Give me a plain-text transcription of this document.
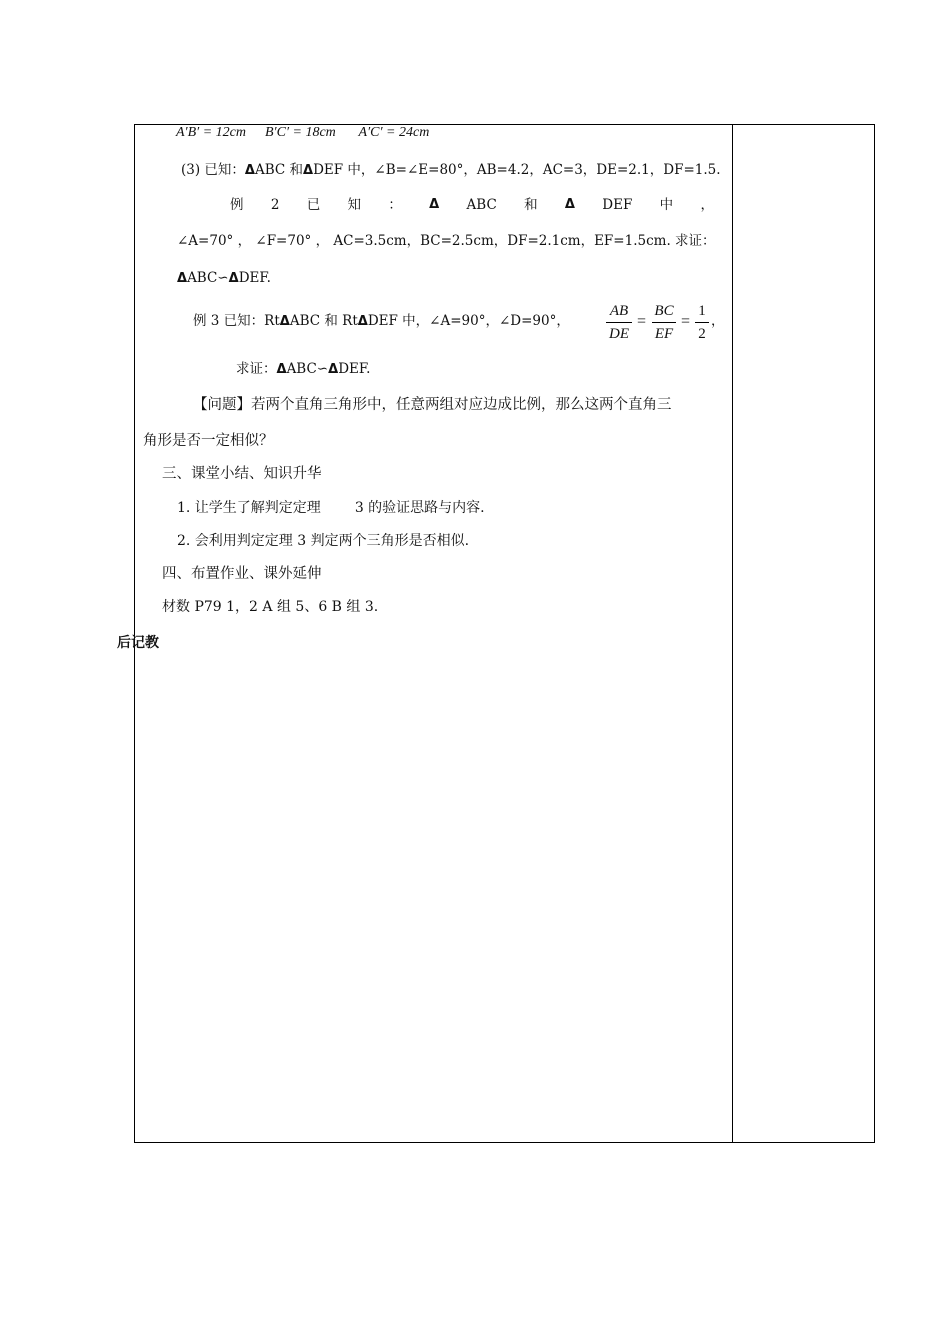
A′B′ = 12cm B′C′ = 18cm A′C′ = 24cm
(3) 已知：ΔABC 和ΔDEF 中，∠B=∠E=80°，AB=4.2，AC=3，DE=2.1，DF=1.5.
例 2 已 知 ： Δ ABC 和 Δ DEF 中 ，
∠A=70° ， ∠F=70° ， AC=3.5cm，BC=2.5cm，DF=2.1cm，EF=1.5cm. 求证：
ΔABC∽ΔDEF.
例 3 已知：RtΔABC 和 RtΔDEF 中，∠A=90°，∠D=90°，
AB
DE
=
BC
EF
=
1
2
，
求证：ΔABC∽ΔDEF.
【问题】若两个直角三角形中，任意两组对应边成比例，那么这两个直角三
角形是否一定相似？
三、课堂小结、知识升华
1. 让学生了解判定定理 3 的验证思路与内容.
2. 会利用判定定理 3 判定两个三角形是否相似.
四、布置作业、课外延伸
材数 P79 1，2 A 组 5、6 B 组 3.
后记教
